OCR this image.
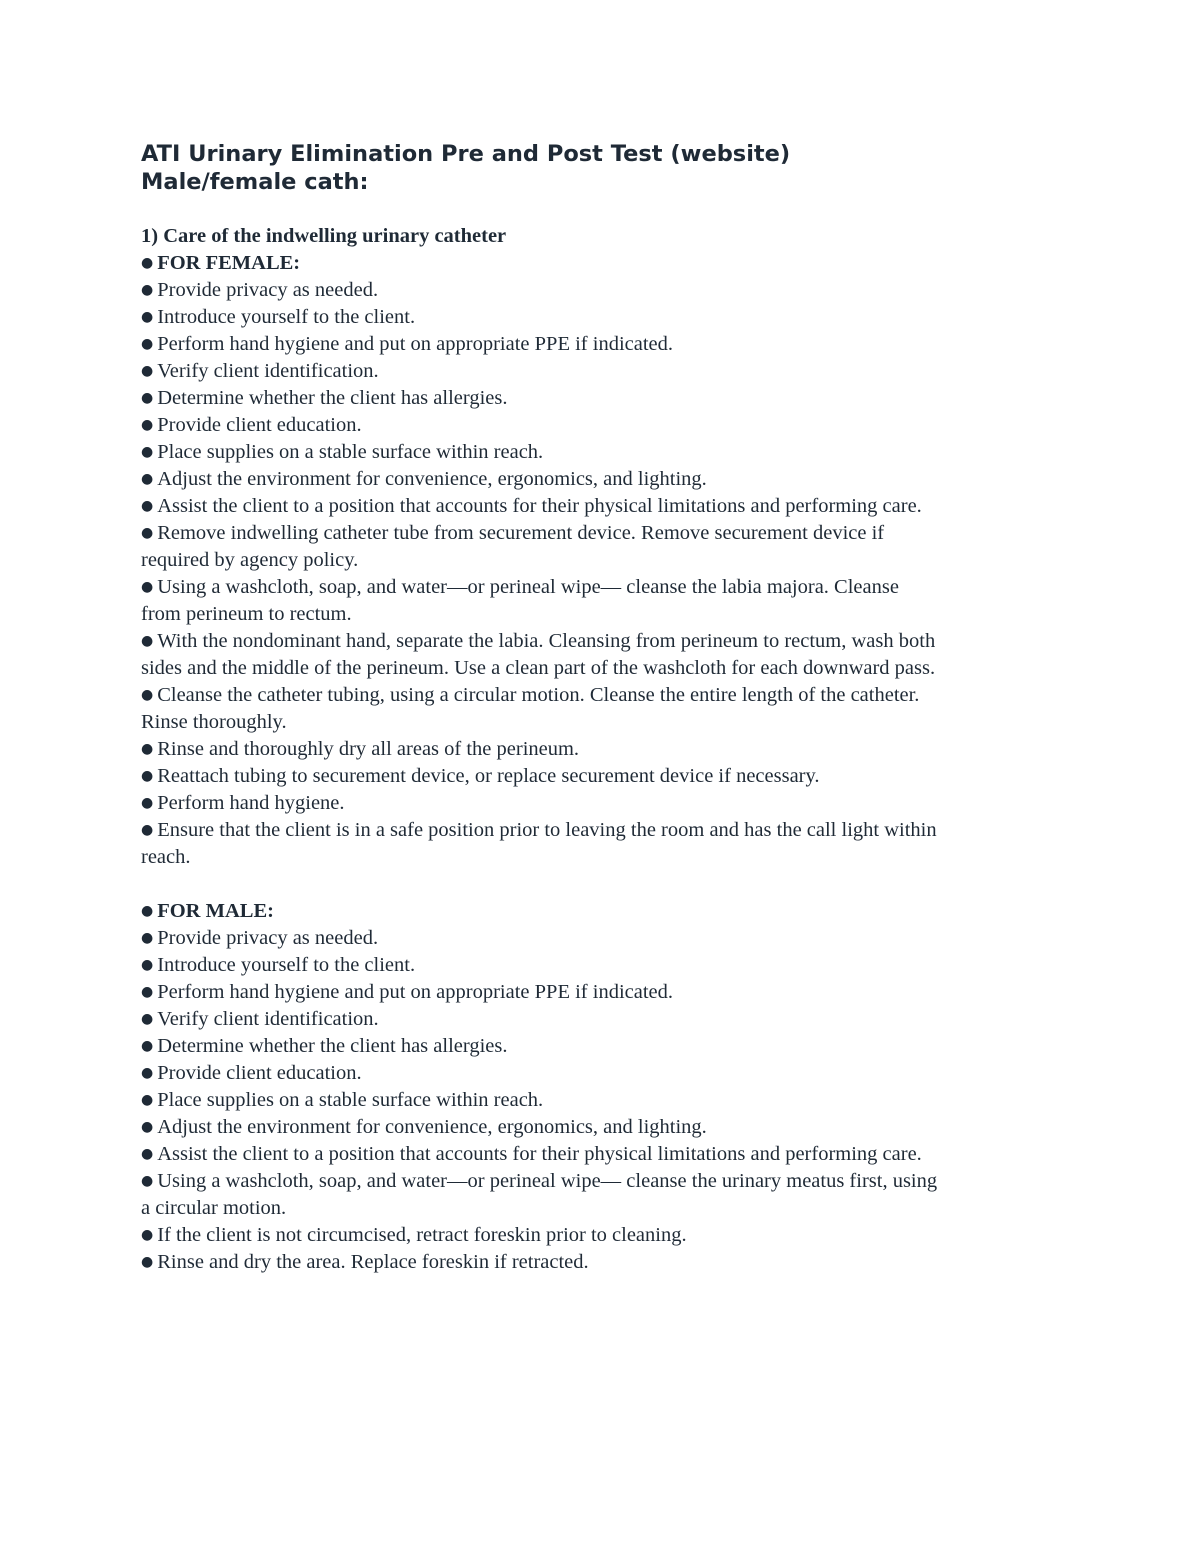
ATI Urinary Elimination Pre and Post Test (website)
Male/female cath:
1) Care of the indwelling urinary catheter
● FOR FEMALE:
● Provide privacy as needed.
● Introduce yourself to the client.
● Perform hand hygiene and put on appropriate PPE if indicated.
● Verify client identification.
● Determine whether the client has allergies.
● Provide client education.
● Place supplies on a stable surface within reach.
● Adjust the environment for convenience, ergonomics, and lighting.
● Assist the client to a position that accounts for their physical limitations and performing care.
● Remove indwelling catheter tube from securement device. Remove securement device if required by agency policy.
● Using a washcloth, soap, and water—or perineal wipe— cleanse the labia majora. Cleanse from perineum to rectum.
● With the nondominant hand, separate the labia. Cleansing from perineum to rectum, wash both sides and the middle of the perineum. Use a clean part of the washcloth for each downward pass.
● Cleanse the catheter tubing, using a circular motion. Cleanse the entire length of the catheter. Rinse thoroughly.
● Rinse and thoroughly dry all areas of the perineum.
● Reattach tubing to securement device, or replace securement device if necessary.
● Perform hand hygiene.
● Ensure that the client is in a safe position prior to leaving the room and has the call light within reach.
● FOR MALE:
● Provide privacy as needed.
● Introduce yourself to the client.
● Perform hand hygiene and put on appropriate PPE if indicated.
● Verify client identification.
● Determine whether the client has allergies.
● Provide client education.
● Place supplies on a stable surface within reach.
● Adjust the environment for convenience, ergonomics, and lighting.
● Assist the client to a position that accounts for their physical limitations and performing care.
● Using a washcloth, soap, and water—or perineal wipe— cleanse the urinary meatus first, using a circular motion.
● If the client is not circumcised, retract foreskin prior to cleaning.
● Rinse and dry the area. Replace foreskin if retracted.
